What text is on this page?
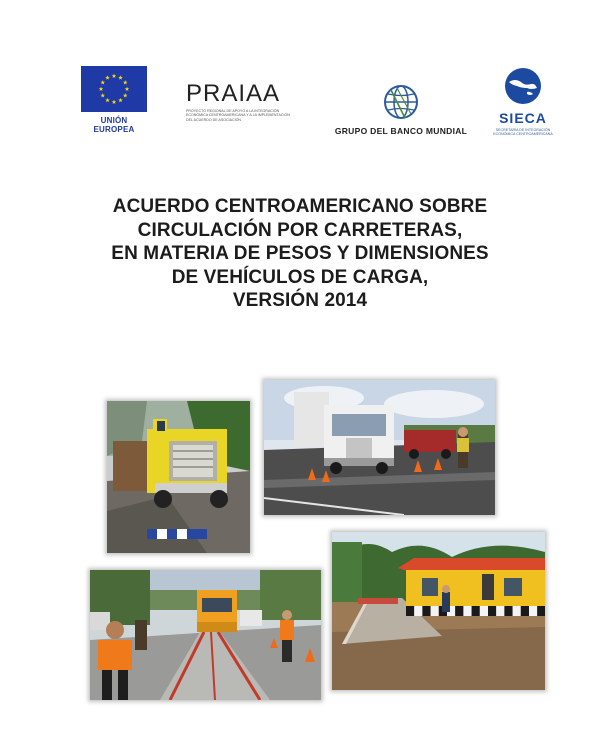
UNIÓN EUROPEA
PRAIAA
PROYECTO REGIONAL DE APOYO A LA INTEGRACIÓN ECONÓMICA CENTROAMERICANA Y A LA IMPLEMENTACIÓN DEL ACUERDO DE ASOCIACIÓN
GRUPO DEL BANCO MUNDIAL
SIECA
SECRETARÍA DE INTEGRACIÓN ECONÓMICA CENTROAMERICANA
ACUERDO CENTROAMERICANO SOBRE
CIRCULACIÓN POR CARRETERAS,
EN MATERIA DE PESOS Y DIMENSIONES
DE VEHÍCULOS DE CARGA,
VERSIÓN 2014
